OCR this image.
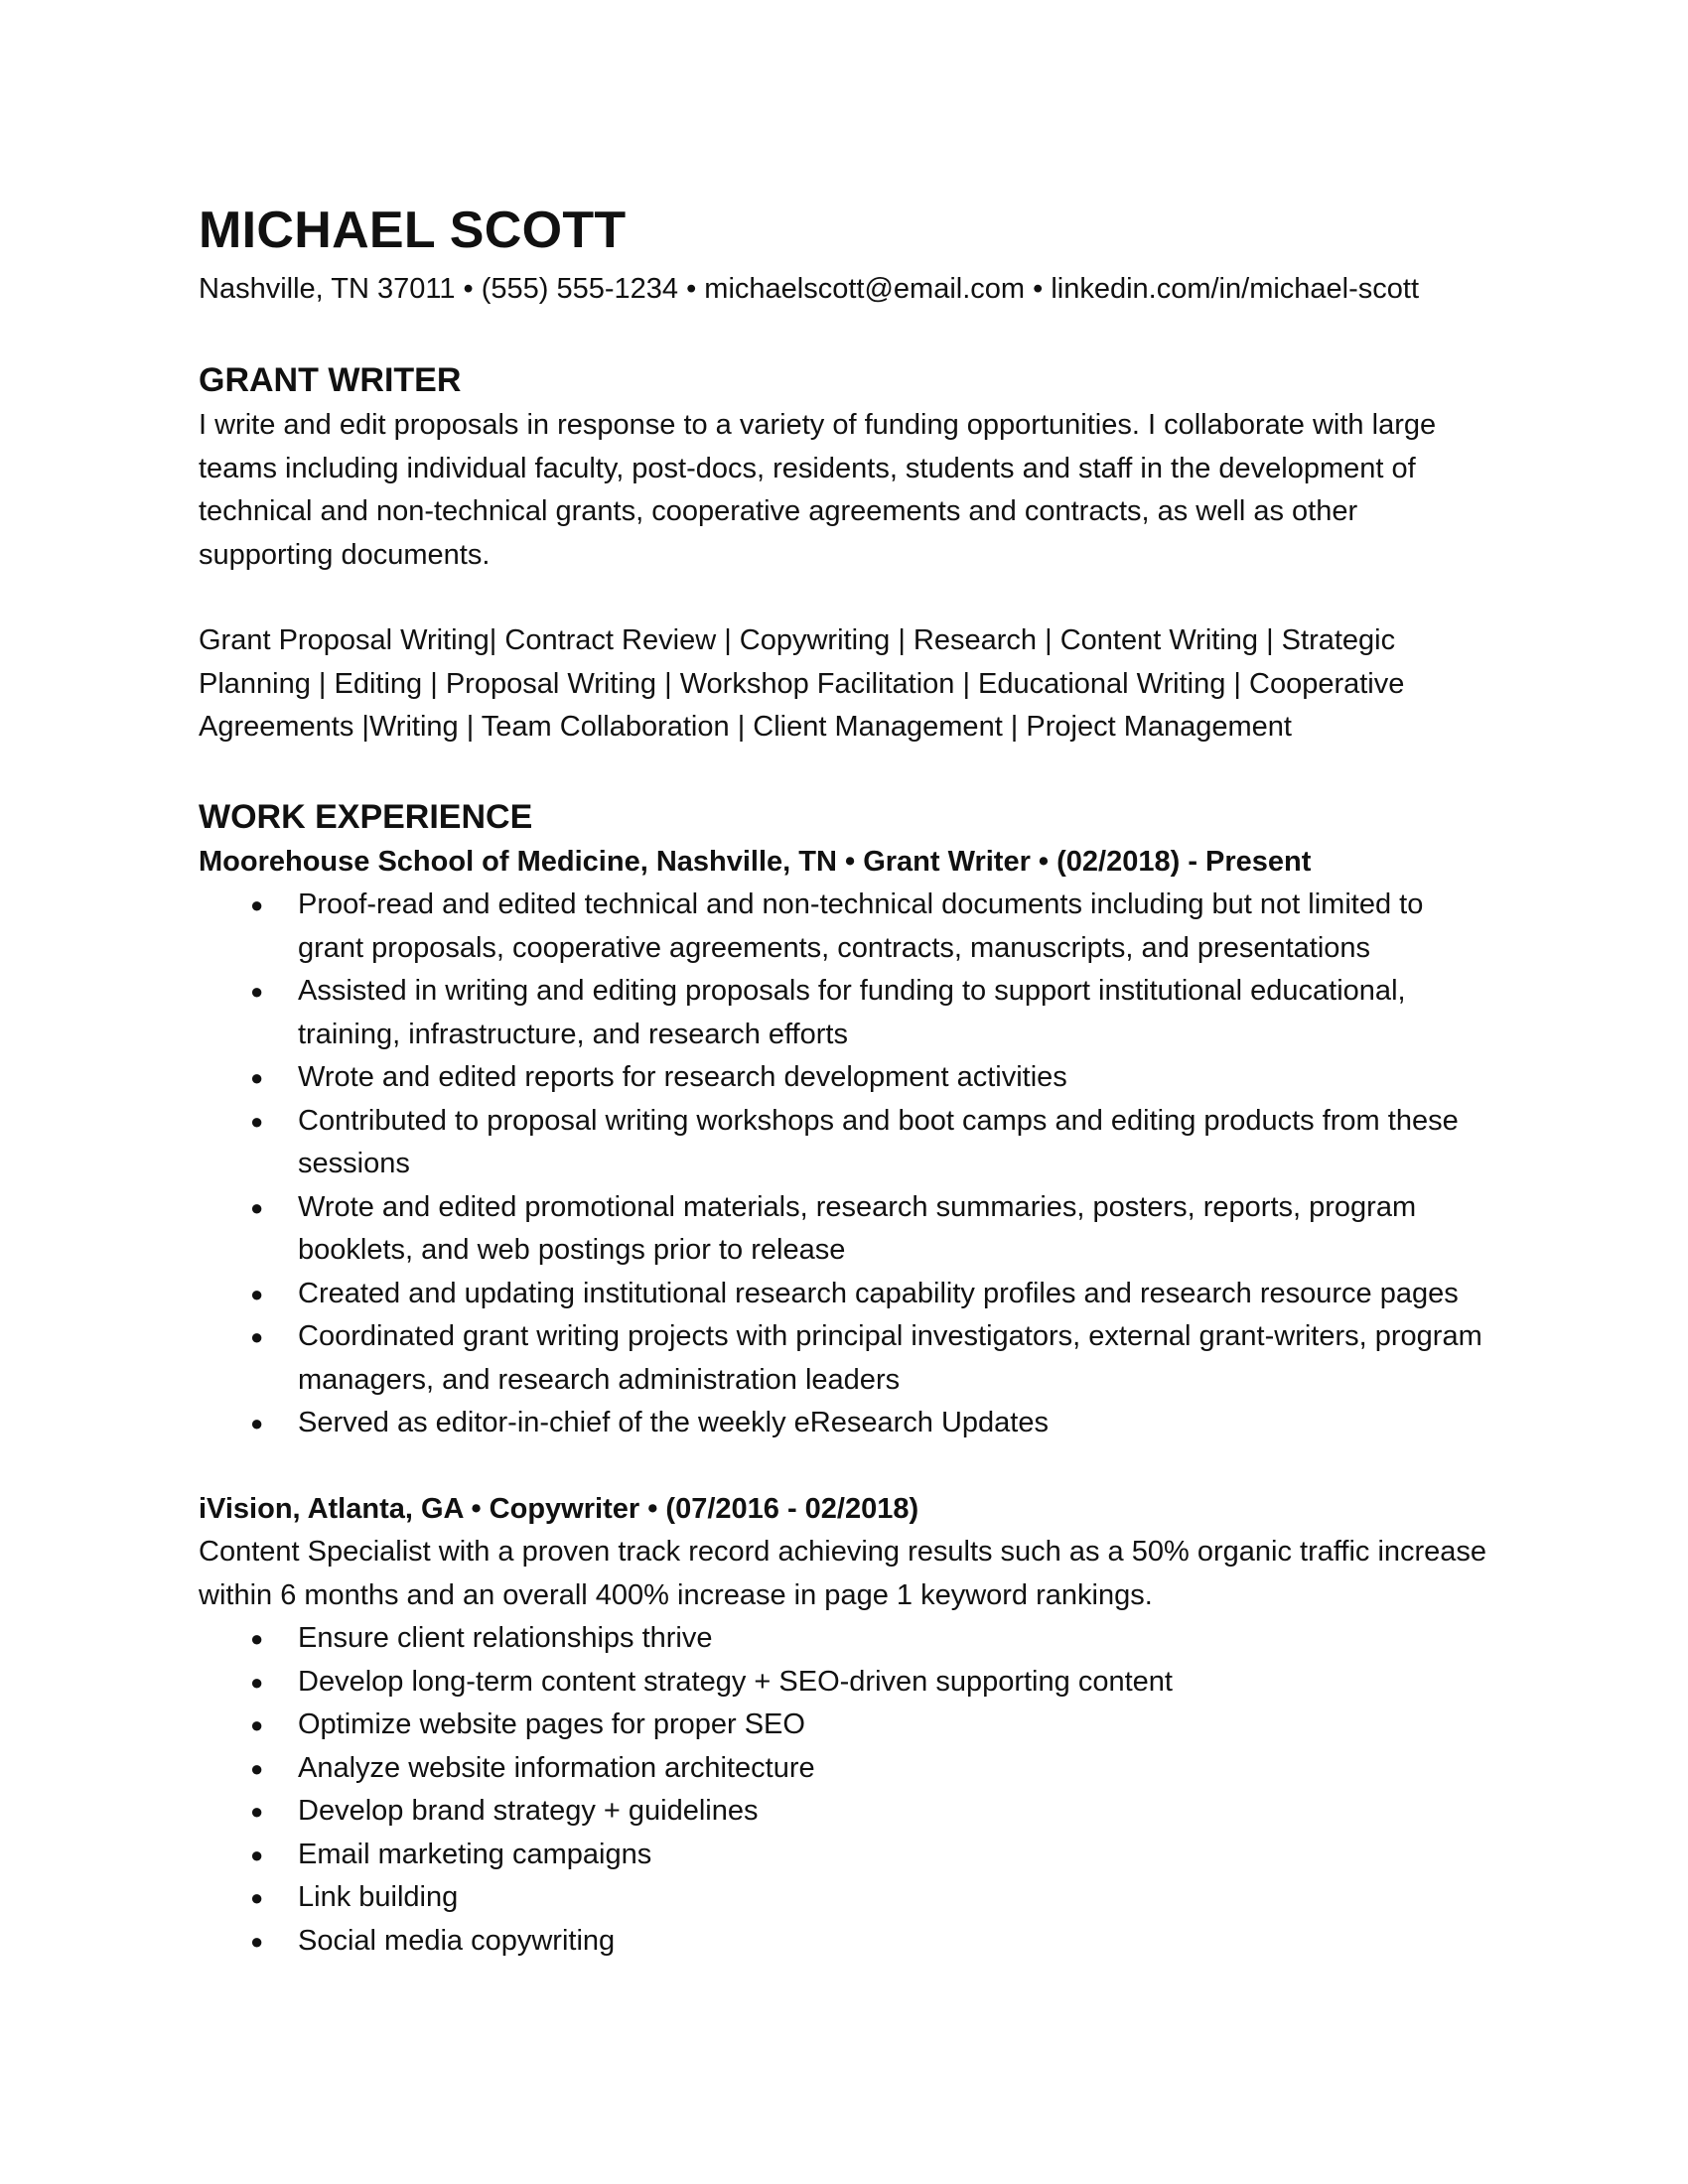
MICHAEL SCOTT

Nashville, TN 37011 • (555) 555-1234 • michaelscott@email.com • linkedin.com/in/michael-scott

GRANT WRITER

I write and edit proposals in response to a variety of funding opportunities. I collaborate with large teams including individual faculty, post-docs, residents, students and staff in the development of technical and non-technical grants, cooperative agreements and contracts, as well as other supporting documents.

Grant Proposal Writing| Contract Review | Copywriting | Research | Content Writing | Strategic Planning | Editing | Proposal Writing | Workshop Facilitation | Educational Writing | Cooperative Agreements |Writing | Team Collaboration | Client Management | Project Management

WORK EXPERIENCE

Moorehouse School of Medicine, Nashville, TN • Grant Writer • (02/2018) - Present

● Proof-read and edited technical and non-technical documents including but not limited to grant proposals, cooperative agreements, contracts, manuscripts, and presentations
● Assisted in writing and editing proposals for funding to support institutional educational, training, infrastructure, and research efforts
● Wrote and edited reports for research development activities
● Contributed to proposal writing workshops and boot camps and editing products from these sessions
● Wrote and edited promotional materials, research summaries, posters, reports, program booklets, and web postings prior to release
● Created and updating institutional research capability profiles and research resource pages
● Coordinated grant writing projects with principal investigators, external grant-writers, program managers, and research administration leaders
● Served as editor-in-chief of the weekly eResearch Updates

iVision, Atlanta, GA • Copywriter • (07/2016 - 02/2018)

Content Specialist with a proven track record achieving results such as a 50% organic traffic increase within 6 months and an overall 400% increase in page 1 keyword rankings.

● Ensure client relationships thrive
● Develop long-term content strategy + SEO-driven supporting content
● Optimize website pages for proper SEO
● Analyze website information architecture
● Develop brand strategy + guidelines
● Email marketing campaigns
● Link building
● Social media copywriting
